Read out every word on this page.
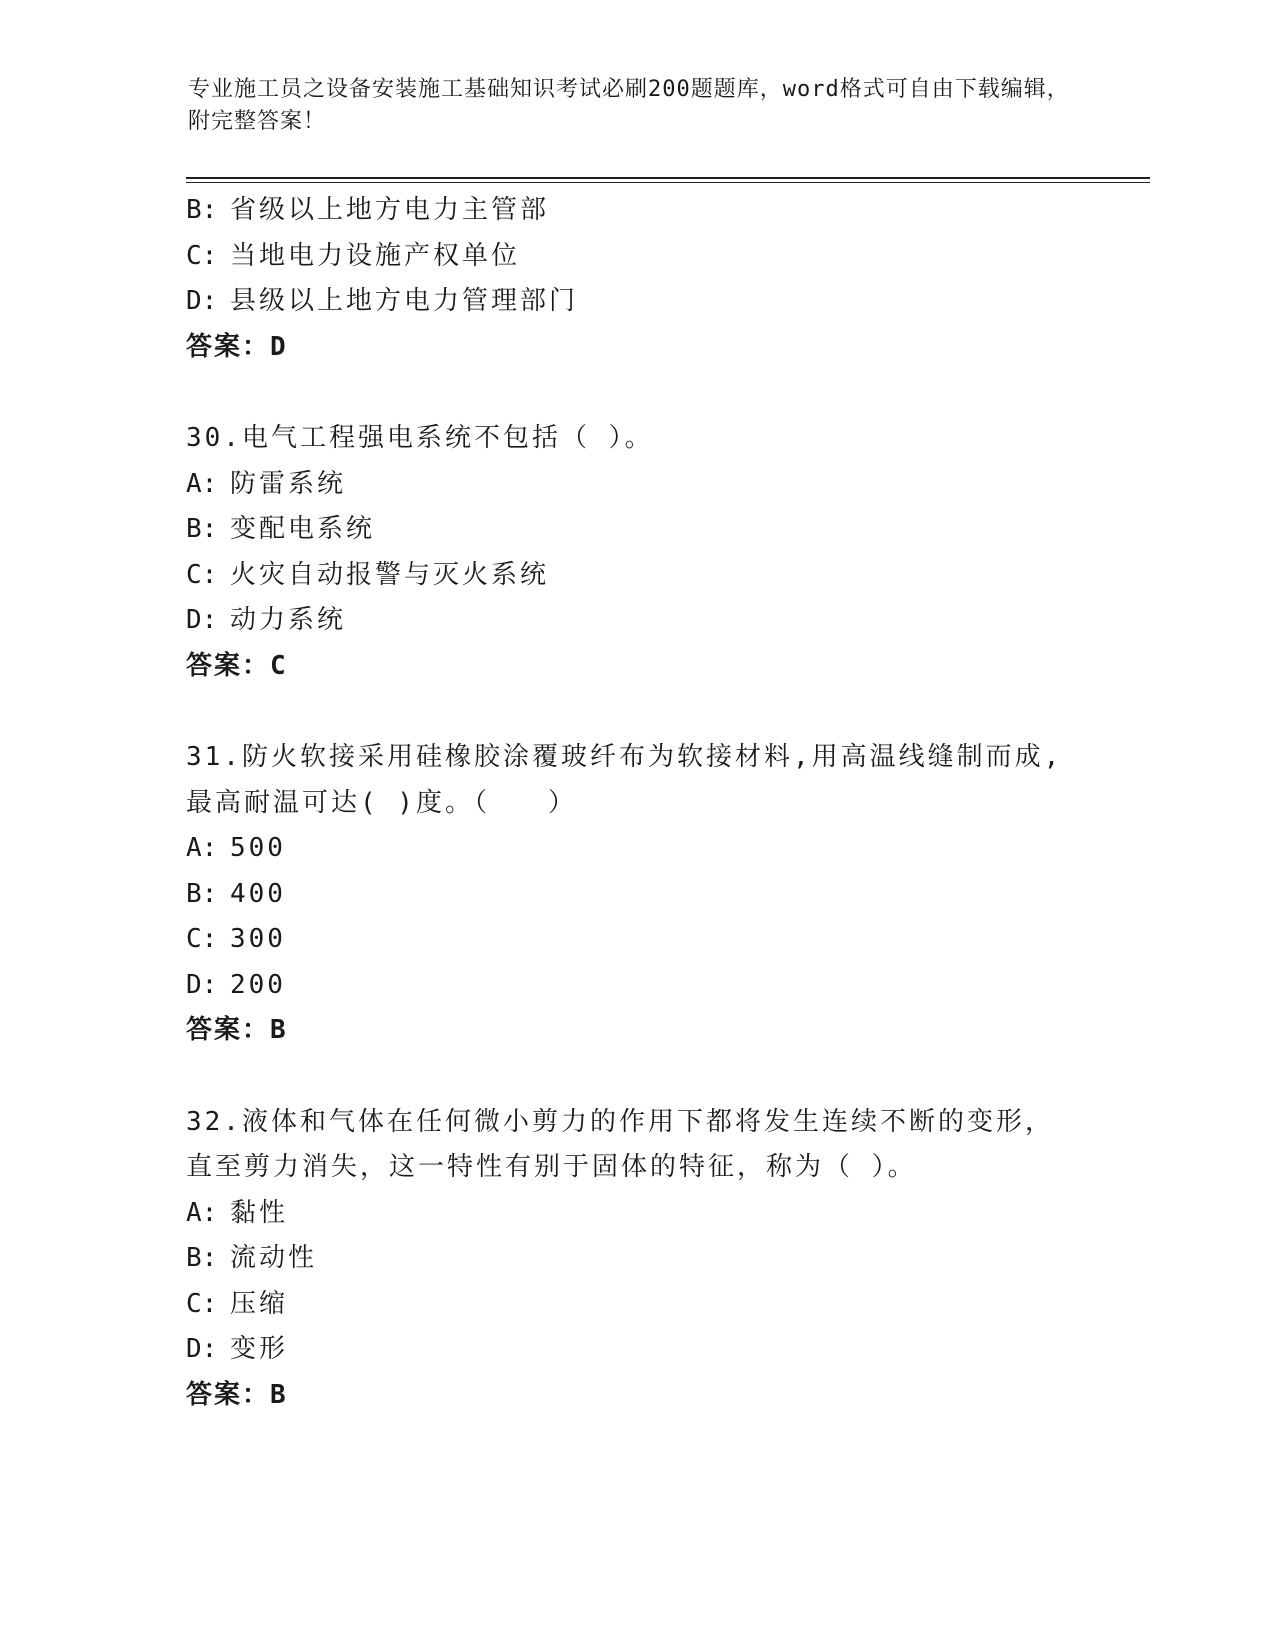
专业施工员之设备安装施工基础知识考试必刷200题题库，word格式可自由下载编辑，附完整答案！
B: 省级以上地方电力主管部
C: 当地电力设施产权单位
D: 县级以上地方电力管理部门
答案：D
30.电气工程强电系统不包括（ ）。
A: 防雷系统
B: 变配电系统
C: 火灾自动报警与灭火系统
D: 动力系统
答案：C
31.防火软接采用硅橡胶涂覆玻纤布为软接材料,用高温线缝制而成,最高耐温可达( )度。（　　）
A: 500
B: 400
C: 300
D: 200
答案：B
32.液体和气体在任何微小剪力的作用下都将发生连续不断的变形，直至剪力消失，这一特性有别于固体的特征，称为（ ）。
A: 黏性
B: 流动性
C: 压缩
D: 变形
答案：B
